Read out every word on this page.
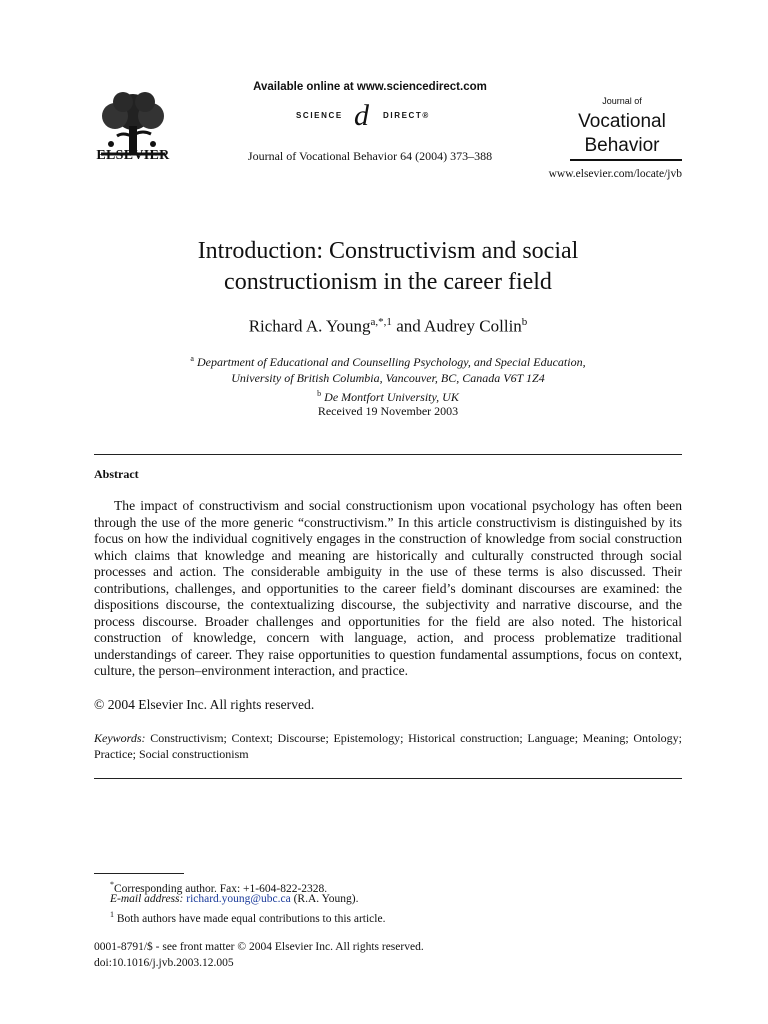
ELSEVIER
Available online at www.sciencedirect.com
SCIENCE d DIRECT®
Journal of Vocational Behavior 64 (2004) 373–388
Journal of
Vocational
Behavior
www.elsevier.com/locate/jvb
Introduction: Constructivism and social
constructionism in the career field
Richard A. Young$^{a,*,1}$ and Audrey Collin$^b$
$^a$ Department of Educational and Counselling Psychology, and Special Education,
University of British Columbia, Vancouver, BC, Canada V6T 1Z4
$^b$ De Montfort University, UK
Received 19 November 2003
Abstract
The impact of constructivism and social constructionism upon vocational psychology has often been through the use of the more generic “constructivism.” In this article constructivism is distinguished by its focus on how the individual cognitively engages in the construction of knowledge from social construction which claims that knowledge and meaning are historically and culturally constructed through social processes and action. The considerable ambiguity in the use of these terms is also discussed. Their contributions, challenges, and opportunities to the career field’s dominant discourses are examined: the dispositions discourse, the contextualizing discourse, the subjectivity and narrative discourse, and the process discourse. Broader challenges and opportunities for the field are also noted. The historical construction of knowledge, concern with language, action, and process problematize traditional understandings of career. They raise opportunities to question fundamental assumptions, focus on context, culture, the person–environment interaction, and practice.
© 2004 Elsevier Inc. All rights reserved.
Keywords: Constructivism; Context; Discourse; Epistemology; Historical construction; Language; Meaning; Ontology; Practice; Social constructionism
*Corresponding author. Fax: +1-604-822-2328.
E-mail address: richard.young@ubc.ca (R.A. Young).
$^1$ Both authors have made equal contributions to this article.
0001-8791/$ - see front matter © 2004 Elsevier Inc. All rights reserved.
doi:10.1016/j.jvb.2003.12.005
